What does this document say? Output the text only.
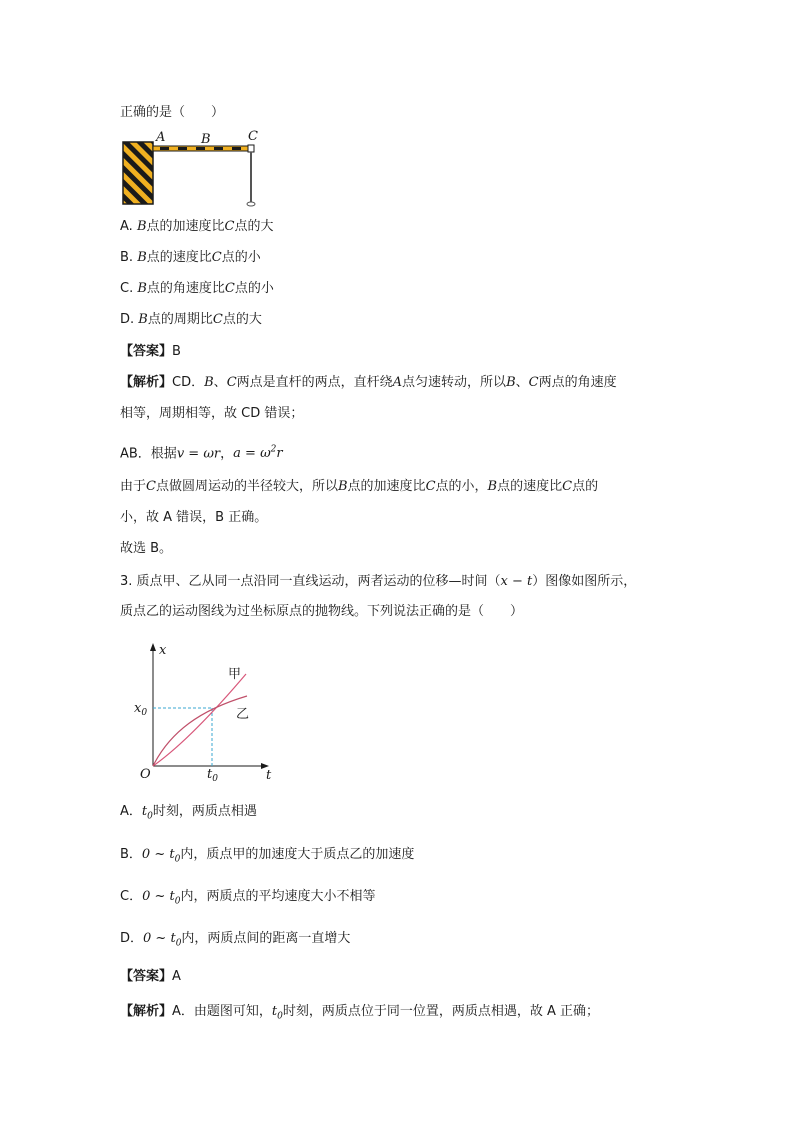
正确的是（　　）
A	B	C
A. B点的加速度比C点的大
B. B点的速度比C点的小
C. B点的角速度比C点的小
D. B点的周期比C点的大
【答案】B
【解析】CD．B、C两点是直杆的两点，直杆绕A点匀速转动，所以B、C两点的角速度
相等，周期相等，故 CD 错误；
AB．根据v = ωr，$a = \omega^2r$
由于C点做圆周运动的半径较大，所以B点的加速度比C点的小，B点的速度比C点的
小，故 A 错误，B 正确。
故选 B。
3. 质点甲、乙从同一点沿同一直线运动，两者运动的位移—时间（x − t）图像如图所示，
质点乙的运动图线为过坐标原点的抛物线。下列说法正确的是（　　）
x
t
O
$x_0$
$t_0$
甲
乙
A．$t_0$时刻，两质点相遇
B．0 ~ $t_0$内，质点甲的加速度大于质点乙的加速度
C．0 ~ $t_0$内，两质点的平均速度大小不相等
D．0 ~ $t_0$内，两质点间的距离一直增大
【答案】A
【解析】A．由题图可知，$t_0$时刻，两质点位于同一位置，两质点相遇，故 A 正确；
